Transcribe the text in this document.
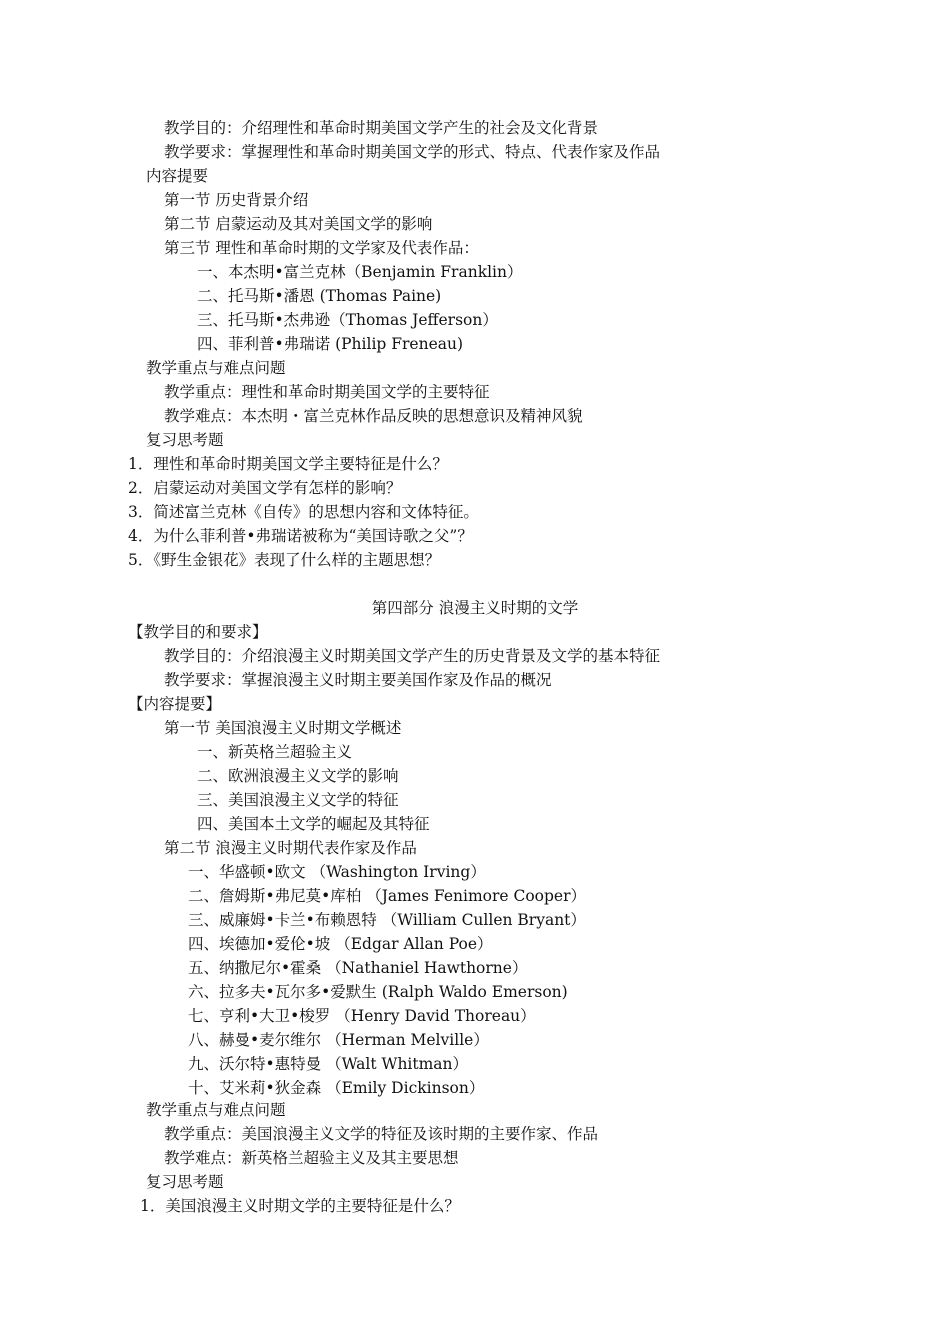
教学目的：介绍理性和革命时期美国文学产生的社会及文化背景
教学要求：掌握理性和革命时期美国文学的形式、特点、代表作家及作品
内容提要
第一节 历史背景介绍
第二节 启蒙运动及其对美国文学的影响
第三节 理性和革命时期的文学家及代表作品：
一、本杰明•富兰克林（Benjamin Franklin）
二、托马斯•潘恩 (Thomas Paine)
三、托马斯•杰弗逊（Thomas Jefferson）
四、菲利普•弗瑞诺 (Philip Freneau)
教学重点与难点问题
教学重点：理性和革命时期美国文学的主要特征
教学难点：本杰明・富兰克林作品反映的思想意识及精神风貌
复习思考题
1．理性和革命时期美国文学主要特征是什么？
2．启蒙运动对美国文学有怎样的影响？
3．简述富兰克林《自传》的思想内容和文体特征。
4．为什么菲利普•弗瑞诺被称为“美国诗歌之父”？
5．《野生金银花》表现了什么样的主题思想？
第四部分 浪漫主义时期的文学
【教学目的和要求】
教学目的：介绍浪漫主义时期美国文学产生的历史背景及文学的基本特征
教学要求：掌握浪漫主义时期主要美国作家及作品的概况
【内容提要】
第一节 美国浪漫主义时期文学概述
一、新英格兰超验主义
二、欧洲浪漫主义文学的影响
三、美国浪漫主义文学的特征
四、美国本土文学的崛起及其特征
第二节 浪漫主义时期代表作家及作品
一、华盛顿•欧文 （Washington Irving）
二、詹姆斯•弗尼莫•库柏 （James Fenimore Cooper）
三、威廉姆•卡兰•布赖恩特 （William Cullen Bryant）
四、埃德加•爱伦•坡 （Edgar Allan Poe）
五、纳撒尼尔•霍桑 （Nathaniel Hawthorne）
六、拉多夫•瓦尔多•爱默生 (Ralph Waldo Emerson)
七、亨利•大卫•梭罗 （Henry David Thoreau）
八、赫曼•麦尔维尔 （Herman Melville）
九、沃尔特•惠特曼 （Walt Whitman）
十、艾米莉•狄金森 （Emily Dickinson）
教学重点与难点问题
教学重点：美国浪漫主义文学的特征及该时期的主要作家、作品
教学难点：新英格兰超验主义及其主要思想
复习思考题
1．美国浪漫主义时期文学的主要特征是什么？
